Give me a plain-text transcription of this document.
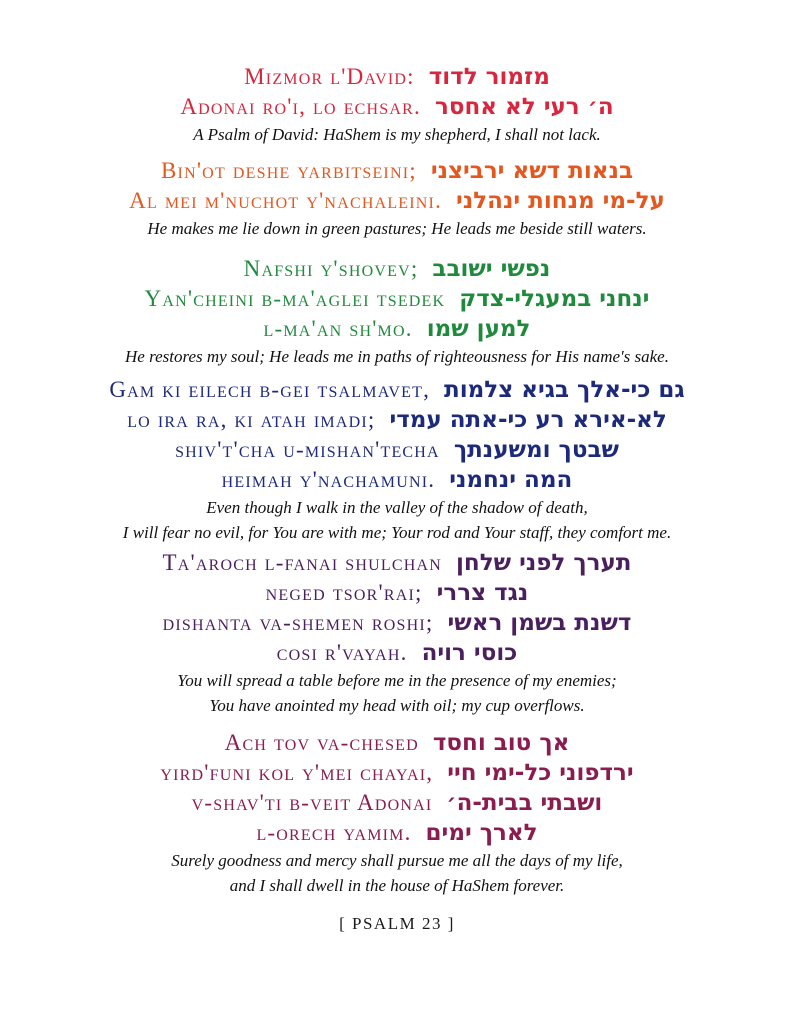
Mizmor l'David: מזמור לדוד
Adonai ro'i, lo echsar. ה׳ רעי לא אחסר
A Psalm of David: HaShem is my shepherd, I shall not lack.
Bin'ot deshe yarbitseini; בנאות דשא ירביצני
Al mei m'nuchot y'nachaleini. על-מי מנחות ינהלני
He makes me lie down in green pastures; He leads me beside still waters.
Nafshi y'shovev; נפשי ישובב
Yan'cheini b-ma'aglei tsedek ינחני במעגלי-צדק
l-ma'an sh'mo. למען שמו
He restores my soul; He leads me in paths of righteousness for His name's sake.
Gam ki eilech b-gei tsalmavet, גם כי-אלך בגיא צלמות
lo ira ra, ki atah imadi; לא-אירא רע כי-אתה עמדי
shiv't'cha u-mishan'techa שבטך ומשענתך
heimah y'nachamuni. המה ינחמני
Even though I walk in the valley of the shadow of death,
I will fear no evil, for You are with me; Your rod and Your staff, they comfort me.
Ta'aroch l-fanai shulchan תערך לפני שלחן
neged tsor'rai; נגד צררי
dishanta va-shemen roshi; דשנת בשמן ראשי
cosi r'vayah. כוסי רויה
You will spread a table before me in the presence of my enemies;
You have anointed my head with oil; my cup overflows.
Ach tov va-chesed אך טוב וחסד
yird'funi kol y'mei chayai, ירדפוני כל-ימי חיי
v-shav'ti b-veit Adonai ושבתי בבית-ה׳
l-orech yamim. לארך ימים
Surely goodness and mercy shall pursue me all the days of my life,
and I shall dwell in the house of HaShem forever.
[ PSALM 23 ]
